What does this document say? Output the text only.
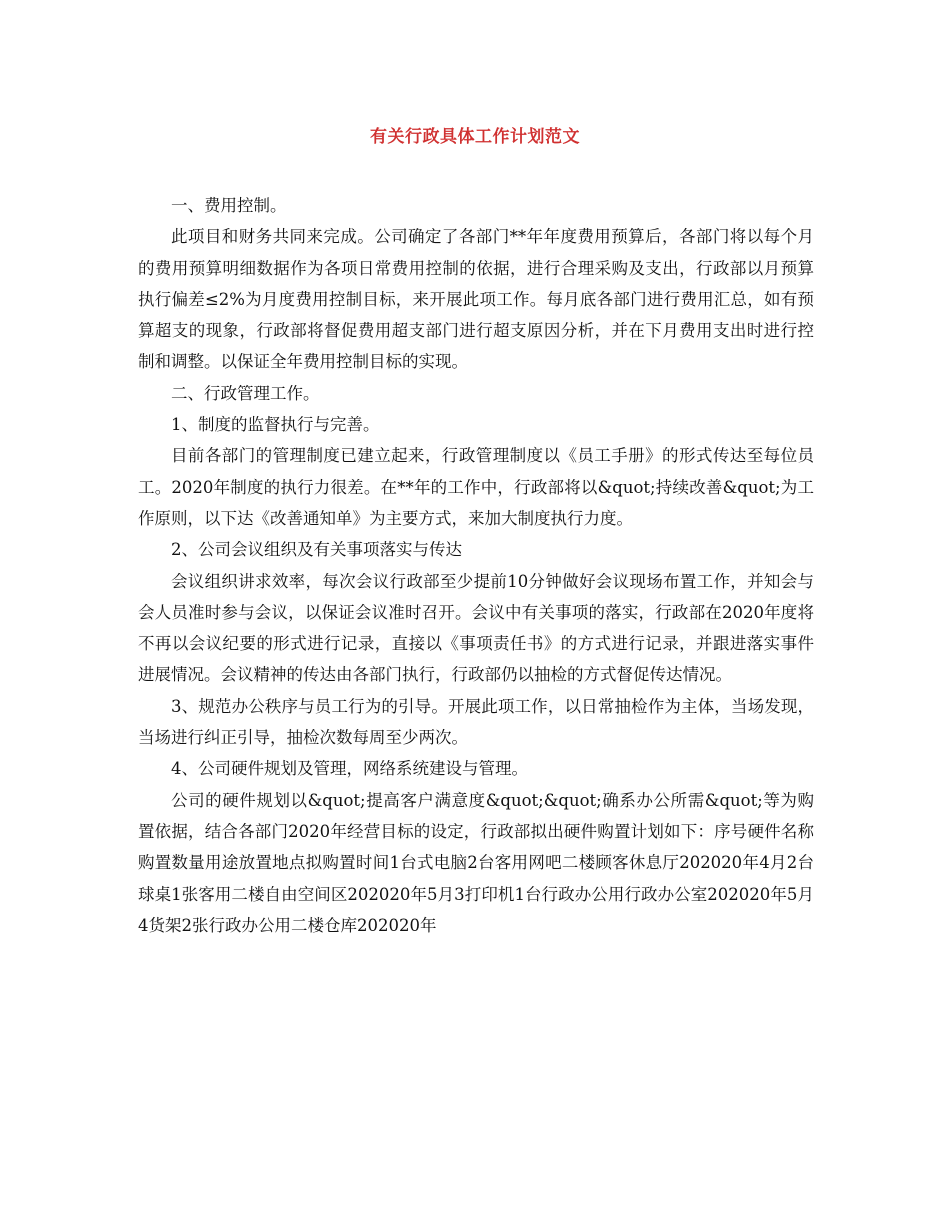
有关行政具体工作计划范文

一、费用控制。

此项目和财务共同来完成。公司确定了各部门**年年度费用预算后，各部门将以每个月的费用预算明细数据作为各项日常费用控制的依据，进行合理采购及支出，行政部以月预算执行偏差≤2%为月度费用控制目标，来开展此项工作。每月底各部门进行费用汇总，如有预算超支的现象，行政部将督促费用超支部门进行超支原因分析，并在下月费用支出时进行控制和调整。以保证全年费用控制目标的实现。

二、行政管理工作。

1、制度的监督执行与完善。

目前各部门的管理制度已建立起来，行政管理制度以《员工手册》的形式传达至每位员工。2020年制度的执行力很差。在**年的工作中，行政部将以&quot;持续改善&quot;为工作原则，以下达《改善通知单》为主要方式，来加大制度执行力度。

2、公司会议组织及有关事项落实与传达

会议组织讲求效率，每次会议行政部至少提前10分钟做好会议现场布置工作，并知会与会人员准时参与会议，以保证会议准时召开。会议中有关事项的落实，行政部在2020年度将不再以会议纪要的形式进行记录，直接以《事项责任书》的方式进行记录，并跟进落实事件进展情况。会议精神的传达由各部门执行，行政部仍以抽检的方式督促传达情况。

3、规范办公秩序与员工行为的引导。开展此项工作，以日常抽检作为主体，当场发现，当场进行纠正引导，抽检次数每周至少两次。

4、公司硬件规划及管理，网络系统建设与管理。

公司的硬件规划以&quot;提高客户满意度&quot;&quot;确系办公所需&quot;等为购置依据，结合各部门2020年经营目标的设定，行政部拟出硬件购置计划如下：序号硬件名称购置数量用途放置地点拟购置时间1台式电脑2台客用网吧二楼顾客休息厅202020年4月2台球桌1张客用二楼自由空间区202020年5月3打印机1台行政办公用行政办公室202020年5月4货架2张行政办公用二楼仓库202020年
